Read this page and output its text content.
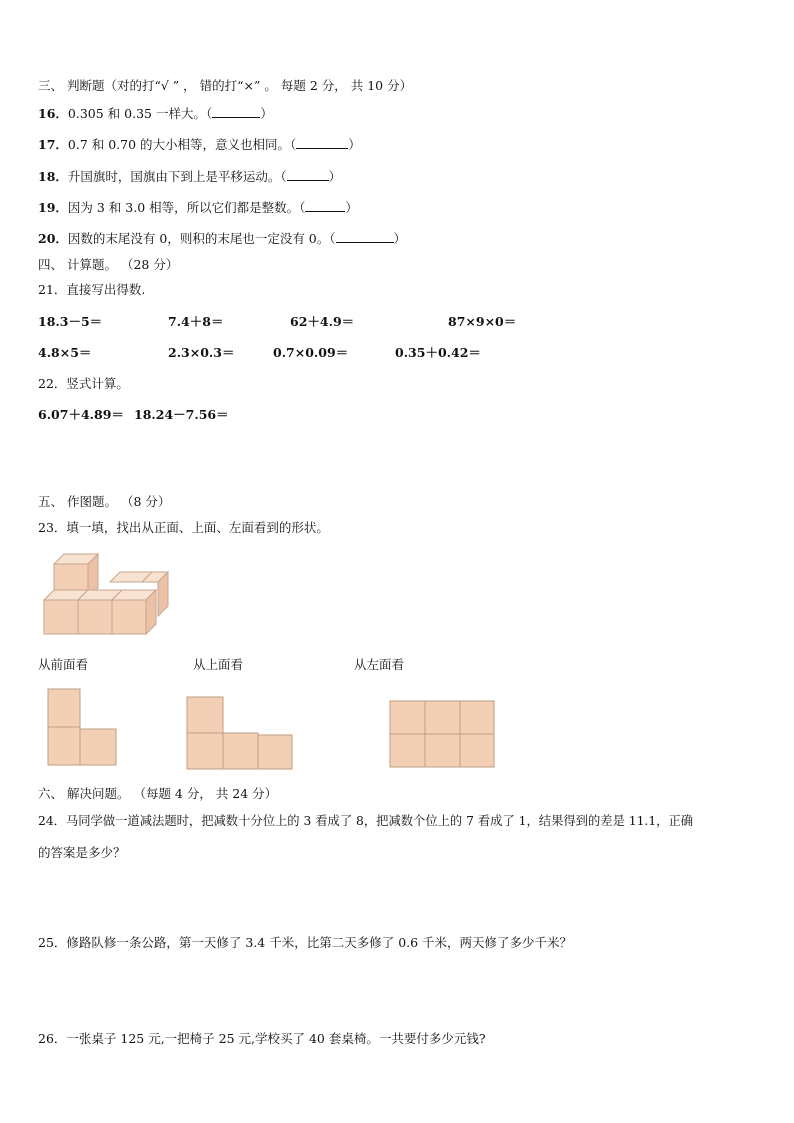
三、 判断题（对的打“√ ” ， 错的打“×” 。 每题 2 分， 共 10 分）
16．0.305 和 0.35 一样大。（	）
17．0.7 和 0.70 的大小相等，意义也相同。（	）
18．升国旗时，国旗由下到上是平移运动。（	）
19．因为 3 和 3.0 相等，所以它们都是整数。（	）
20．因数的末尾没有 0，则积的末尾也一定没有 0。（	）
四、 计算题。 （28 分）
21．直接写出得数.
18.3－5＝	7.4＋8＝	62＋4.9＝	87×9×0＝
4.8×5＝	2.3×0.3＝	0.7×0.09＝	0.35＋0.42＝
22．竖式计算。
6.07＋4.89＝ 18.24－7.56＝
五、 作图题。 （8 分）
23．填一填，找出从正面、上面、左面看到的形状。
从前面看	从上面看	从左面看
六、 解决问题。 （每题 4 分， 共 24 分）
24．马同学做一道减法题时，把减数十分位上的 3 看成了 8，把减数个位上的 7 看成了 1，结果得到的差是 11.1，正确
的答案是多少？
25．修路队修一条公路，第一天修了 3.4 千米，比第二天多修了 0.6 千米，两天修了多少千米？
26．一张桌子 125 元,一把椅子 25 元,学校买了 40 套桌椅。一共要付多少元钱?
